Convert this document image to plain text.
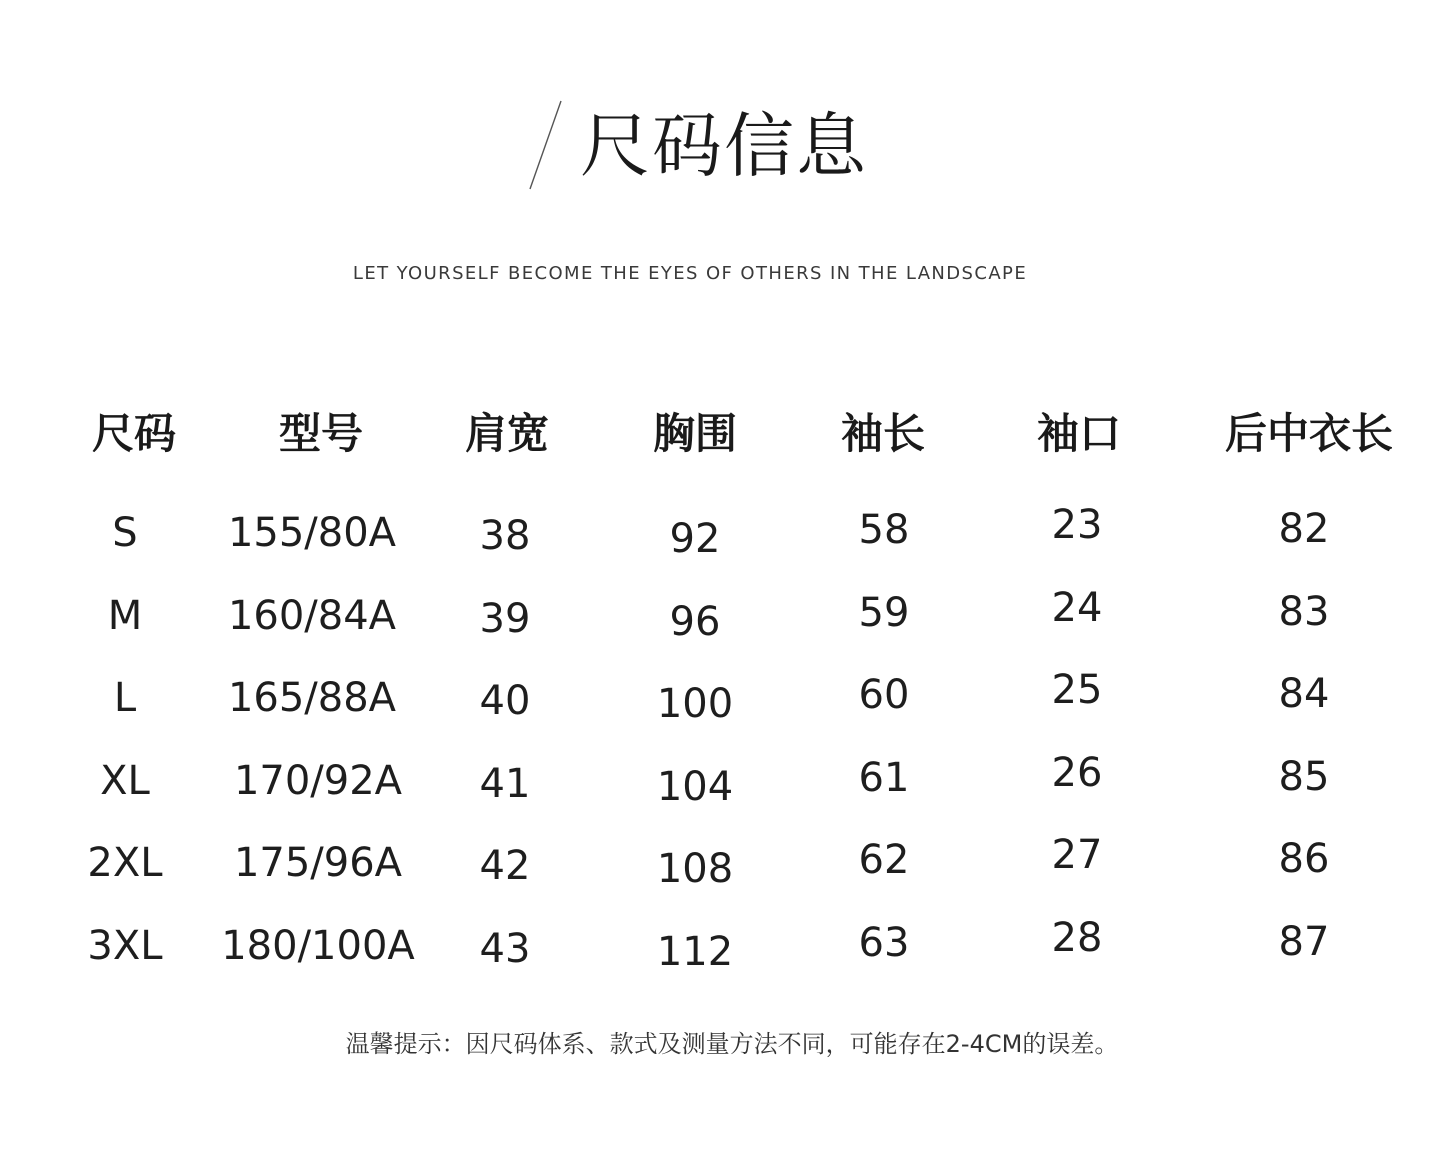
尺码信息
LET YOURSELF BECOME THE EYES OF OTHERS IN THE LANDSCAPE
尺码 型号 肩宽 胸围 袖长	袖口 后中衣长
S 155/80A 38	92	58	23	82
M 160/84A 39	96	59	24	83
L 165/88A 40	100	60	25	84
XL 170/92A 41	104	61	26	85
2XL 175/96A 42	108	62	27	86
3XL 180/100A 43	112	63	28	87
温馨提示：因尺码体系、款式及测量方法不同，可能存在2-4CM的误差。
